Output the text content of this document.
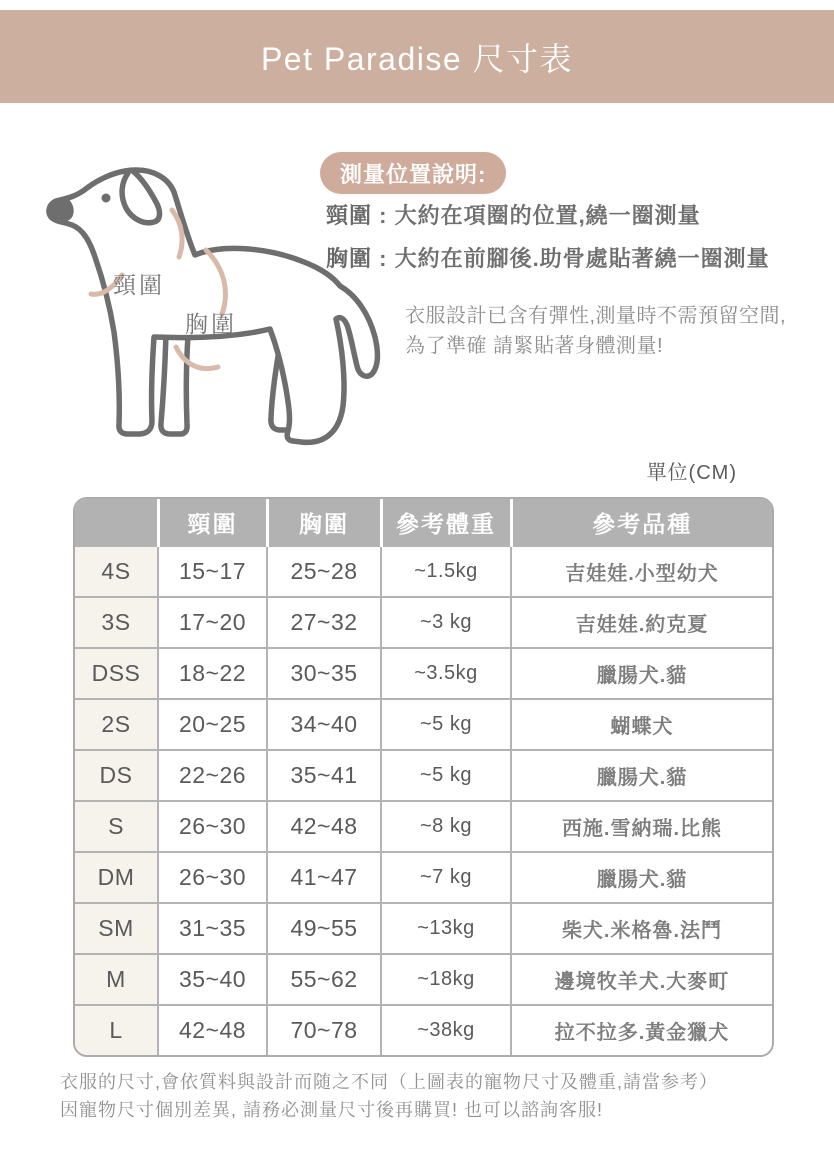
Pet Paradise 尺寸表
頸圍
胸圍
測量位置說明:
頸圍 : 大約在項圈的位置,繞一圈測量
胸圍 : 大約在前腳後.助骨處貼著繞一圈測量
衣服設計已含有彈性,測量時不需預留空間,
為了準確 請緊貼著身體測量!
單位(CM)
	頸圍	胸圍	參考體重	參考品種
4S	15~17	25~28	~1.5kg	吉娃娃.小型幼犬
3S	17~20	27~32	~3 kg	吉娃娃.約克夏
DSS	18~22	30~35	~3.5kg	臘腸犬.貓
2S	20~25	34~40	~5 kg	蝴蝶犬
DS	22~26	35~41	~5 kg	臘腸犬.貓
S	26~30	42~48	~8 kg	西施.雪納瑞.比熊
DM	26~30	41~47	~7 kg	臘腸犬.貓
SM	31~35	49~55	~13kg	柴犬.米格魯.法鬥
M	35~40	55~62	~18kg	邊境牧羊犬.大麥町
L	42~48	70~78	~38kg	拉不拉多.黃金獵犬
衣服的尺寸,會依質料與設計而随之不同（上圖表的寵物尺寸及體重,請當参考）
因寵物尺寸個別差異, 請務必測量尺寸後再購買! 也可以諮詢客服!
